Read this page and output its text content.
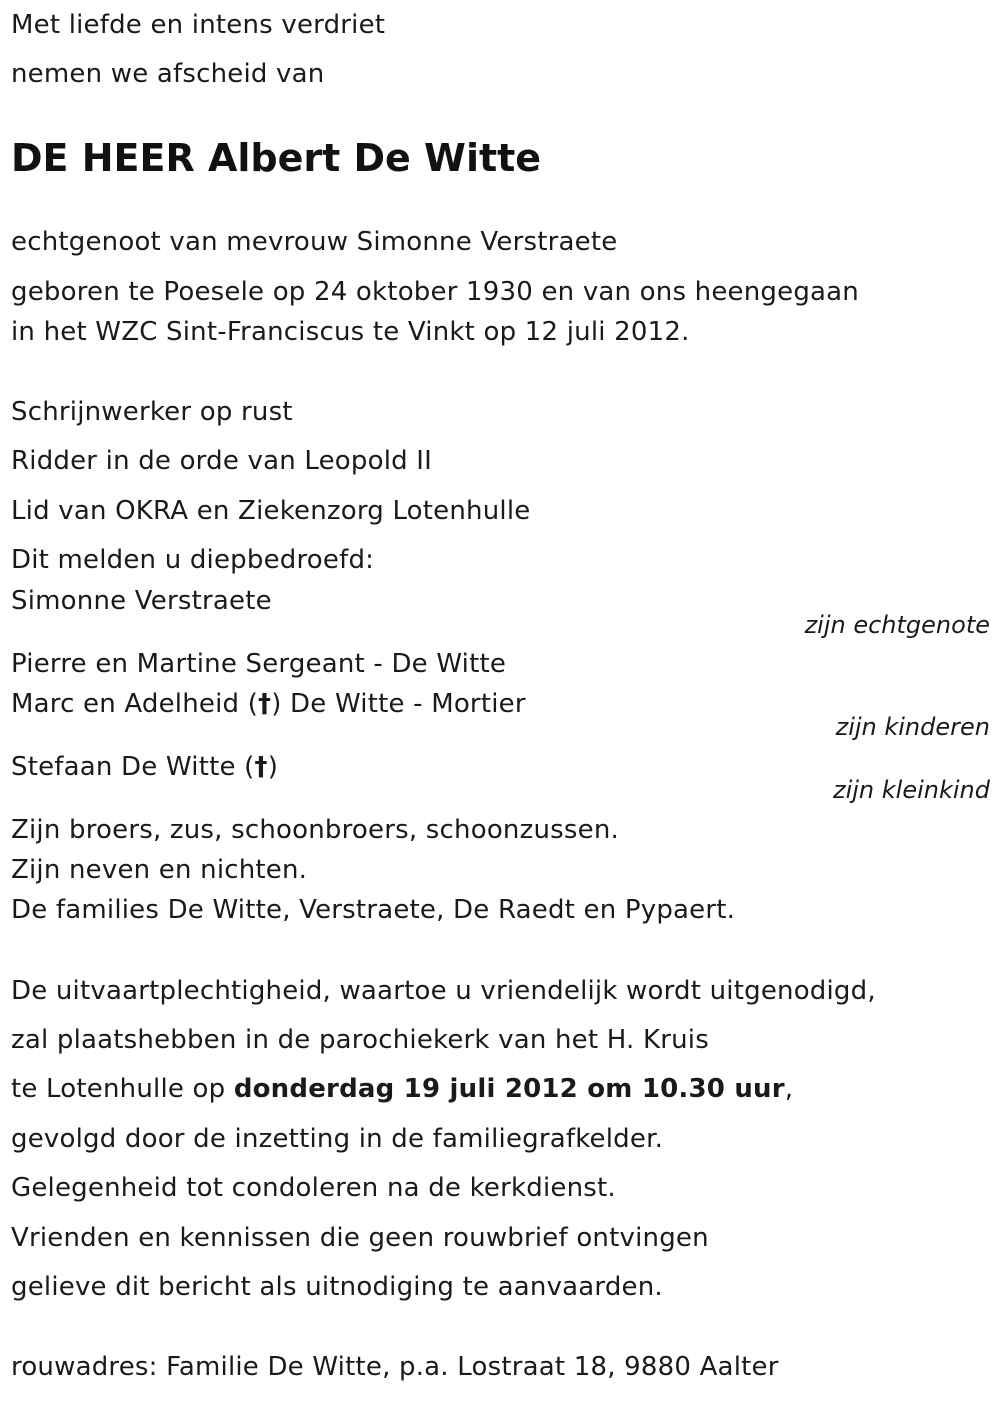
Met liefde en intens verdriet
nemen we afscheid van
DE HEER Albert De Witte
echtgenoot van mevrouw Simonne Verstraete
geboren te Poesele op 24 oktober 1930 en van ons heengegaan
in het WZC Sint-Franciscus te Vinkt op 12 juli 2012.
Schrijnwerker op rust
Ridder in de orde van Leopold II
Lid van OKRA en Ziekenzorg Lotenhulle
Dit melden u diepbedroefd:
Simonne Verstraete
zijn echtgenote
Pierre en Martine Sergeant - De Witte
Marc en Adelheid (†) De Witte - Mortier
zijn kinderen
Stefaan De Witte (†)
zijn kleinkind
Zijn broers, zus, schoonbroers, schoonzussen.
Zijn neven en nichten.
De families De Witte, Verstraete, De Raedt en Pypaert.
De uitvaartplechtigheid, waartoe u vriendelijk wordt uitgenodigd,
zal plaatshebben in de parochiekerk van het H. Kruis
te Lotenhulle op donderdag 19 juli 2012 om 10.30 uur,
gevolgd door de inzetting in de familiegrafkelder.
Gelegenheid tot condoleren na de kerkdienst.
Vrienden en kennissen die geen rouwbrief ontvingen
gelieve dit bericht als uitnodiging te aanvaarden.
rouwadres: Familie De Witte, p.a. Lostraat 18, 9880 Aalter
